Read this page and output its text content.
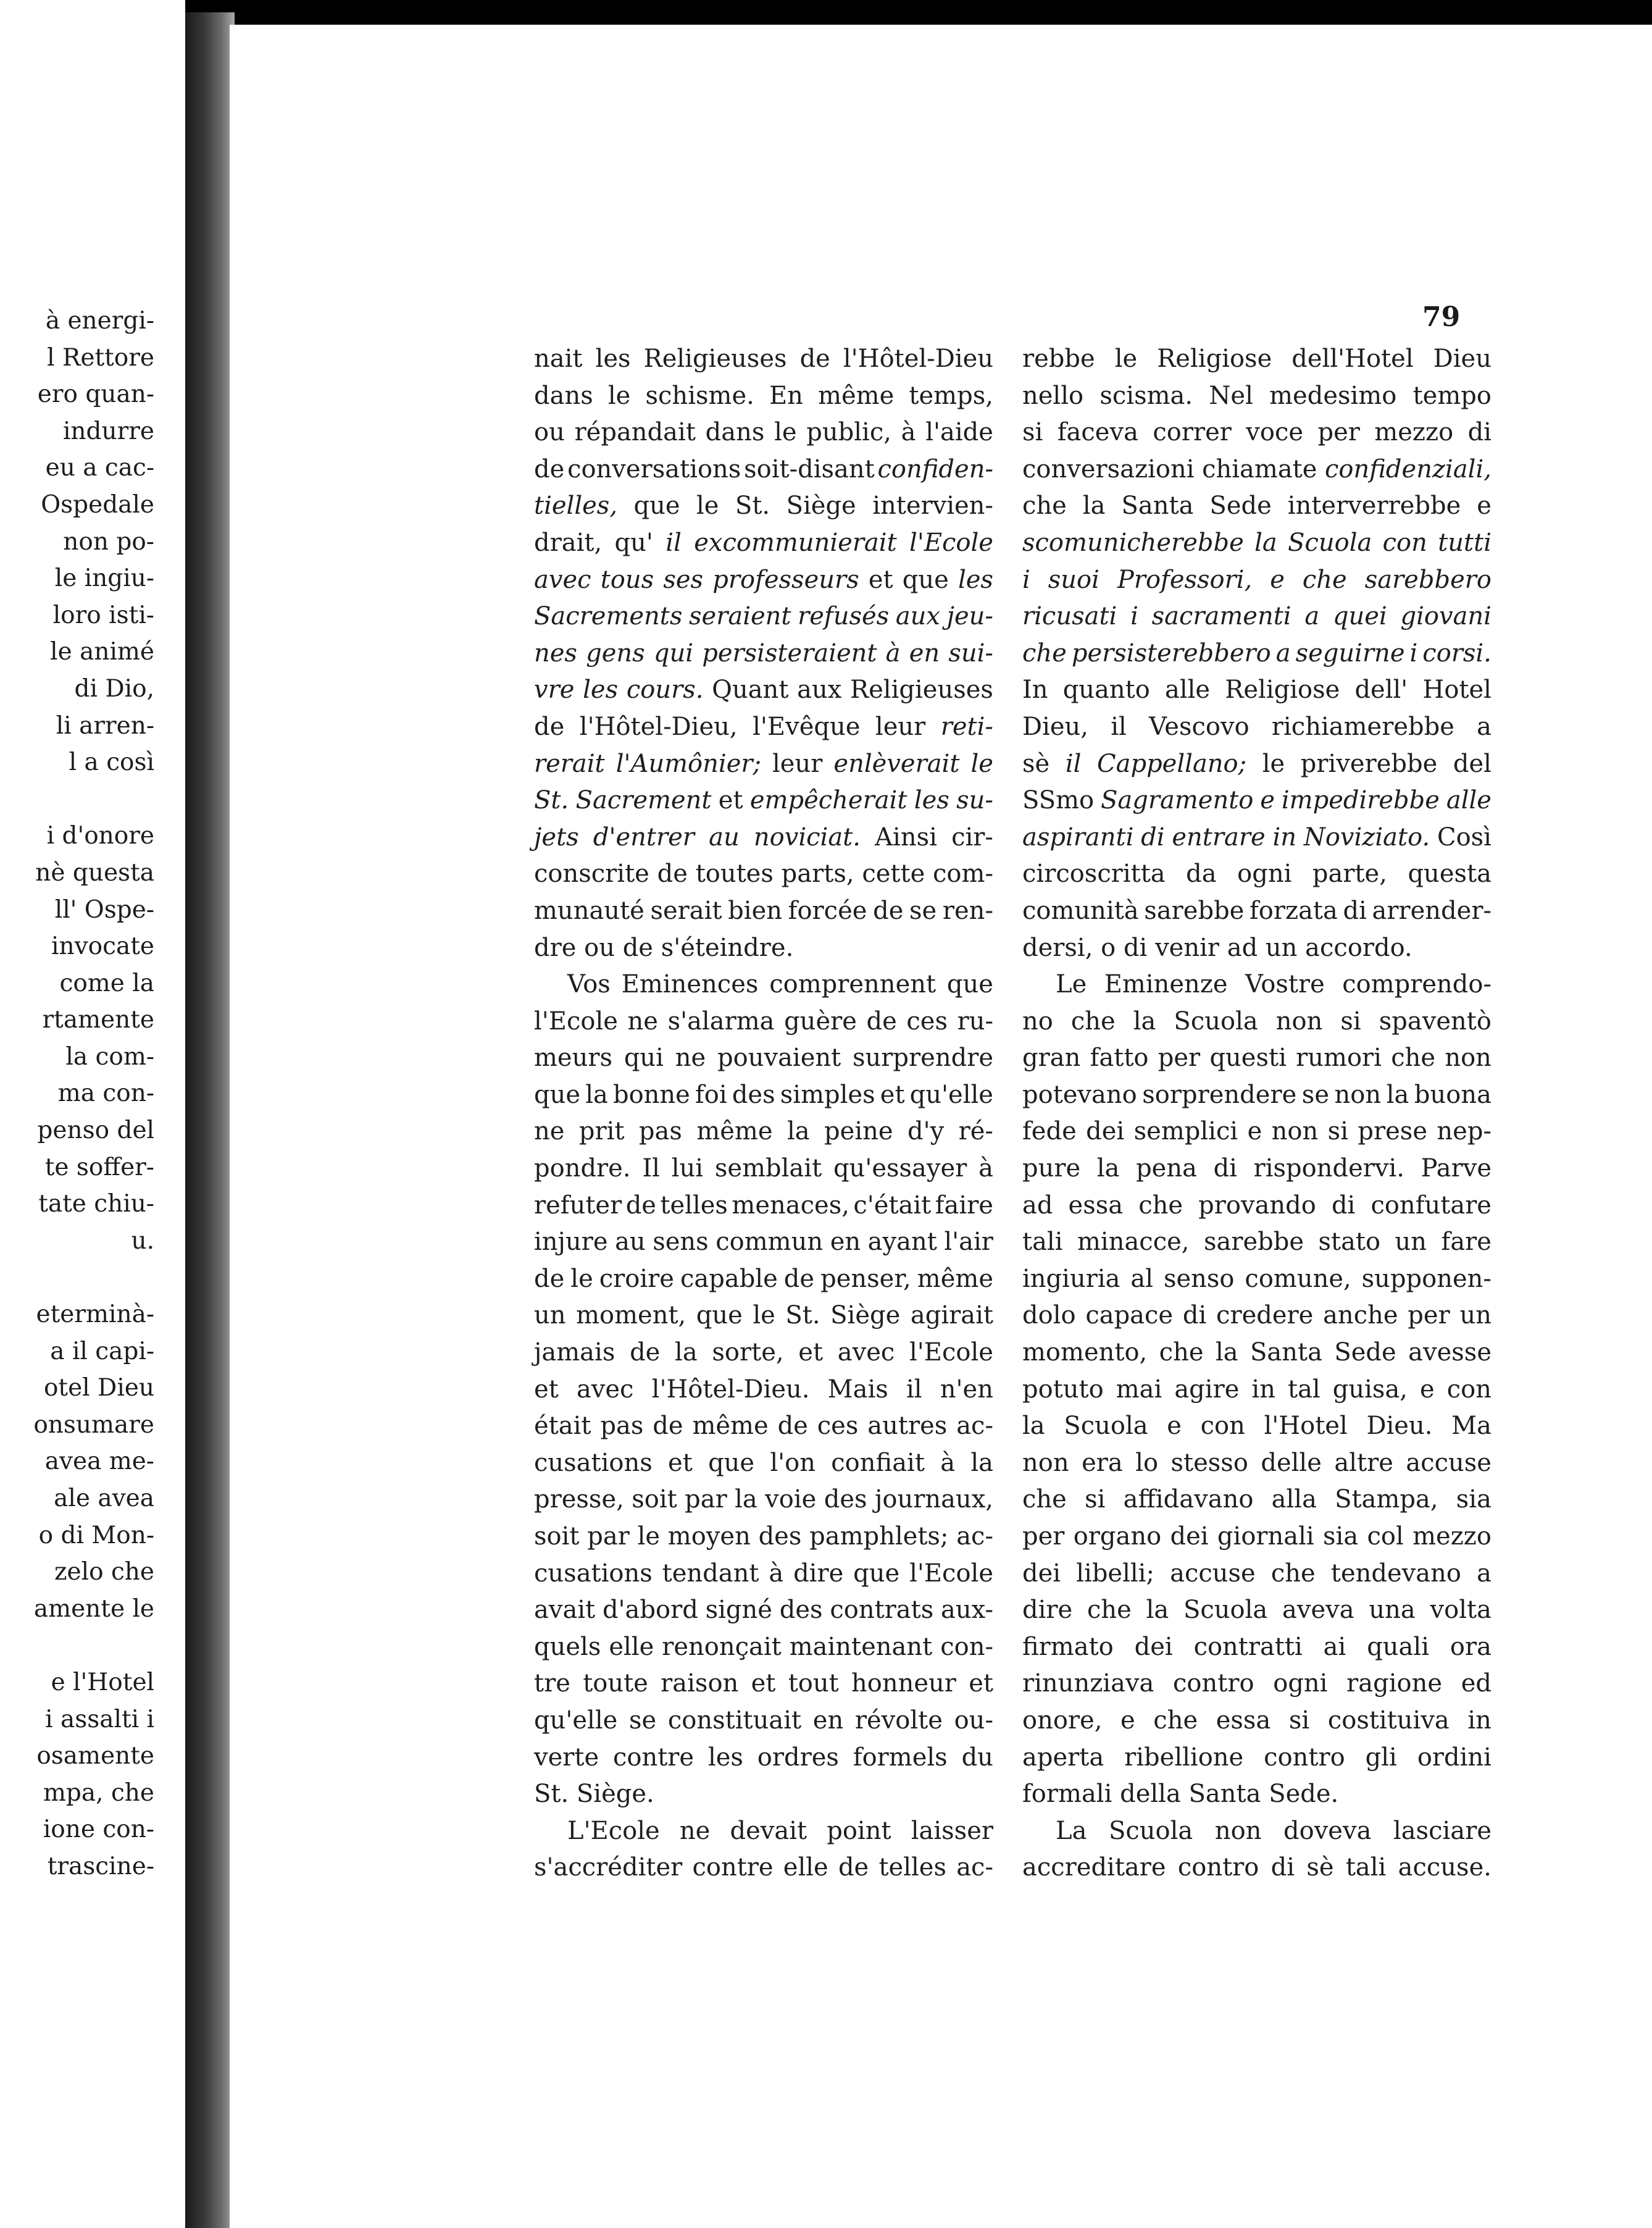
à energi-
l Rettore
ero quan-
indurre
eu a cac-
Ospedale
non po-
le ingiu-
loro isti-
le animé
di Dio,
li arren-
l a così
i d'onore
nè questa
ll' Ospe-
invocate
come la
rtamente
la com-
ma con-
penso del
te soffer-
tate chiu-
u.
eterminà-
a il capi-
otel Dieu
onsumare
avea me-
ale avea
o di Mon-
zelo che
amente le
e l'Hotel
i assalti i
osamente
mpa, che
ione con-
trascine-
79
nait les Religieuses de l'Hôtel-Dieu
dans le schisme. En même temps,
ou répandait dans le public, à l'aide
de conversations soit-disant confiden-
tielles, que le St. Siège intervien-
drait, qu' il excommunierait l'Ecole
avec tous ses professeurs et que les
Sacrements seraient refusés aux jeu-
nes gens qui persisteraient à en sui-
vre les cours. Quant aux Religieuses
de l'Hôtel-Dieu, l'Evêque leur reti-
rerait l'Aumônier; leur enlèverait le
St. Sacrement et empêcherait les su-
jets d'entrer au noviciat. Ainsi cir-
conscrite de toutes parts, cette com-
munauté serait bien forcée de se ren-
dre ou de s'éteindre.
Vos Eminences comprennent que
l'Ecole ne s'alarma guère de ces ru-
meurs qui ne pouvaient surprendre
que la bonne foi des simples et qu'elle
ne prit pas même la peine d'y ré-
pondre. Il lui semblait qu'essayer à
refuter de telles menaces, c'était faire
injure au sens commun en ayant l'air
de le croire capable de penser, même
un moment, que le St. Siège agirait
jamais de la sorte, et avec l'Ecole
et avec l'Hôtel-Dieu. Mais il n'en
était pas de même de ces autres ac-
cusations et que l'on confiait à la
presse, soit par la voie des journaux,
soit par le moyen des pamphlets; ac-
cusations tendant à dire que l'Ecole
avait d'abord signé des contrats aux-
quels elle renonçait maintenant con-
tre toute raison et tout honneur et
qu'elle se constituait en révolte ou-
verte contre les ordres formels du
St. Siège.
L'Ecole ne devait point laisser
s'accréditer contre elle de telles ac-
rebbe le Religiose dell'Hotel Dieu
nello scisma. Nel medesimo tempo
si faceva correr voce per mezzo di
conversazioni chiamate confidenziali,
che la Santa Sede interverrebbe e
scomunicherebbe la Scuola con tutti
i suoi Professori, e che sarebbero
ricusati i sacramenti a quei giovani
che persisterebbero a seguirne i corsi.
In quanto alle Religiose dell' Hotel
Dieu, il Vescovo richiamerebbe a
sè il Cappellano; le priverebbe del
SSmo Sagramento e impedirebbe alle
aspiranti di entrare in Noviziato. Così
circoscritta da ogni parte, questa
comunità sarebbe forzata di arrender-
dersi, o di venir ad un accordo.
Le Eminenze Vostre comprendo-
no che la Scuola non si spaventò
gran fatto per questi rumori che non
potevano sorprendere se non la buona
fede dei semplici e non si prese nep-
pure la pena di rispondervi. Parve
ad essa che provando di confutare
tali minacce, sarebbe stato un fare
ingiuria al senso comune, supponen-
dolo capace di credere anche per un
momento, che la Santa Sede avesse
potuto mai agire in tal guisa, e con
la Scuola e con l'Hotel Dieu. Ma
non era lo stesso delle altre accuse
che si affidavano alla Stampa, sia
per organo dei giornali sia col mezzo
dei libelli; accuse che tendevano a
dire che la Scuola aveva una volta
firmato dei contratti ai quali ora
rinunziava contro ogni ragione ed
onore, e che essa si costituiva in
aperta ribellione contro gli ordini
formali della Santa Sede.
La Scuola non doveva lasciare
accreditare contro di sè tali accuse.
